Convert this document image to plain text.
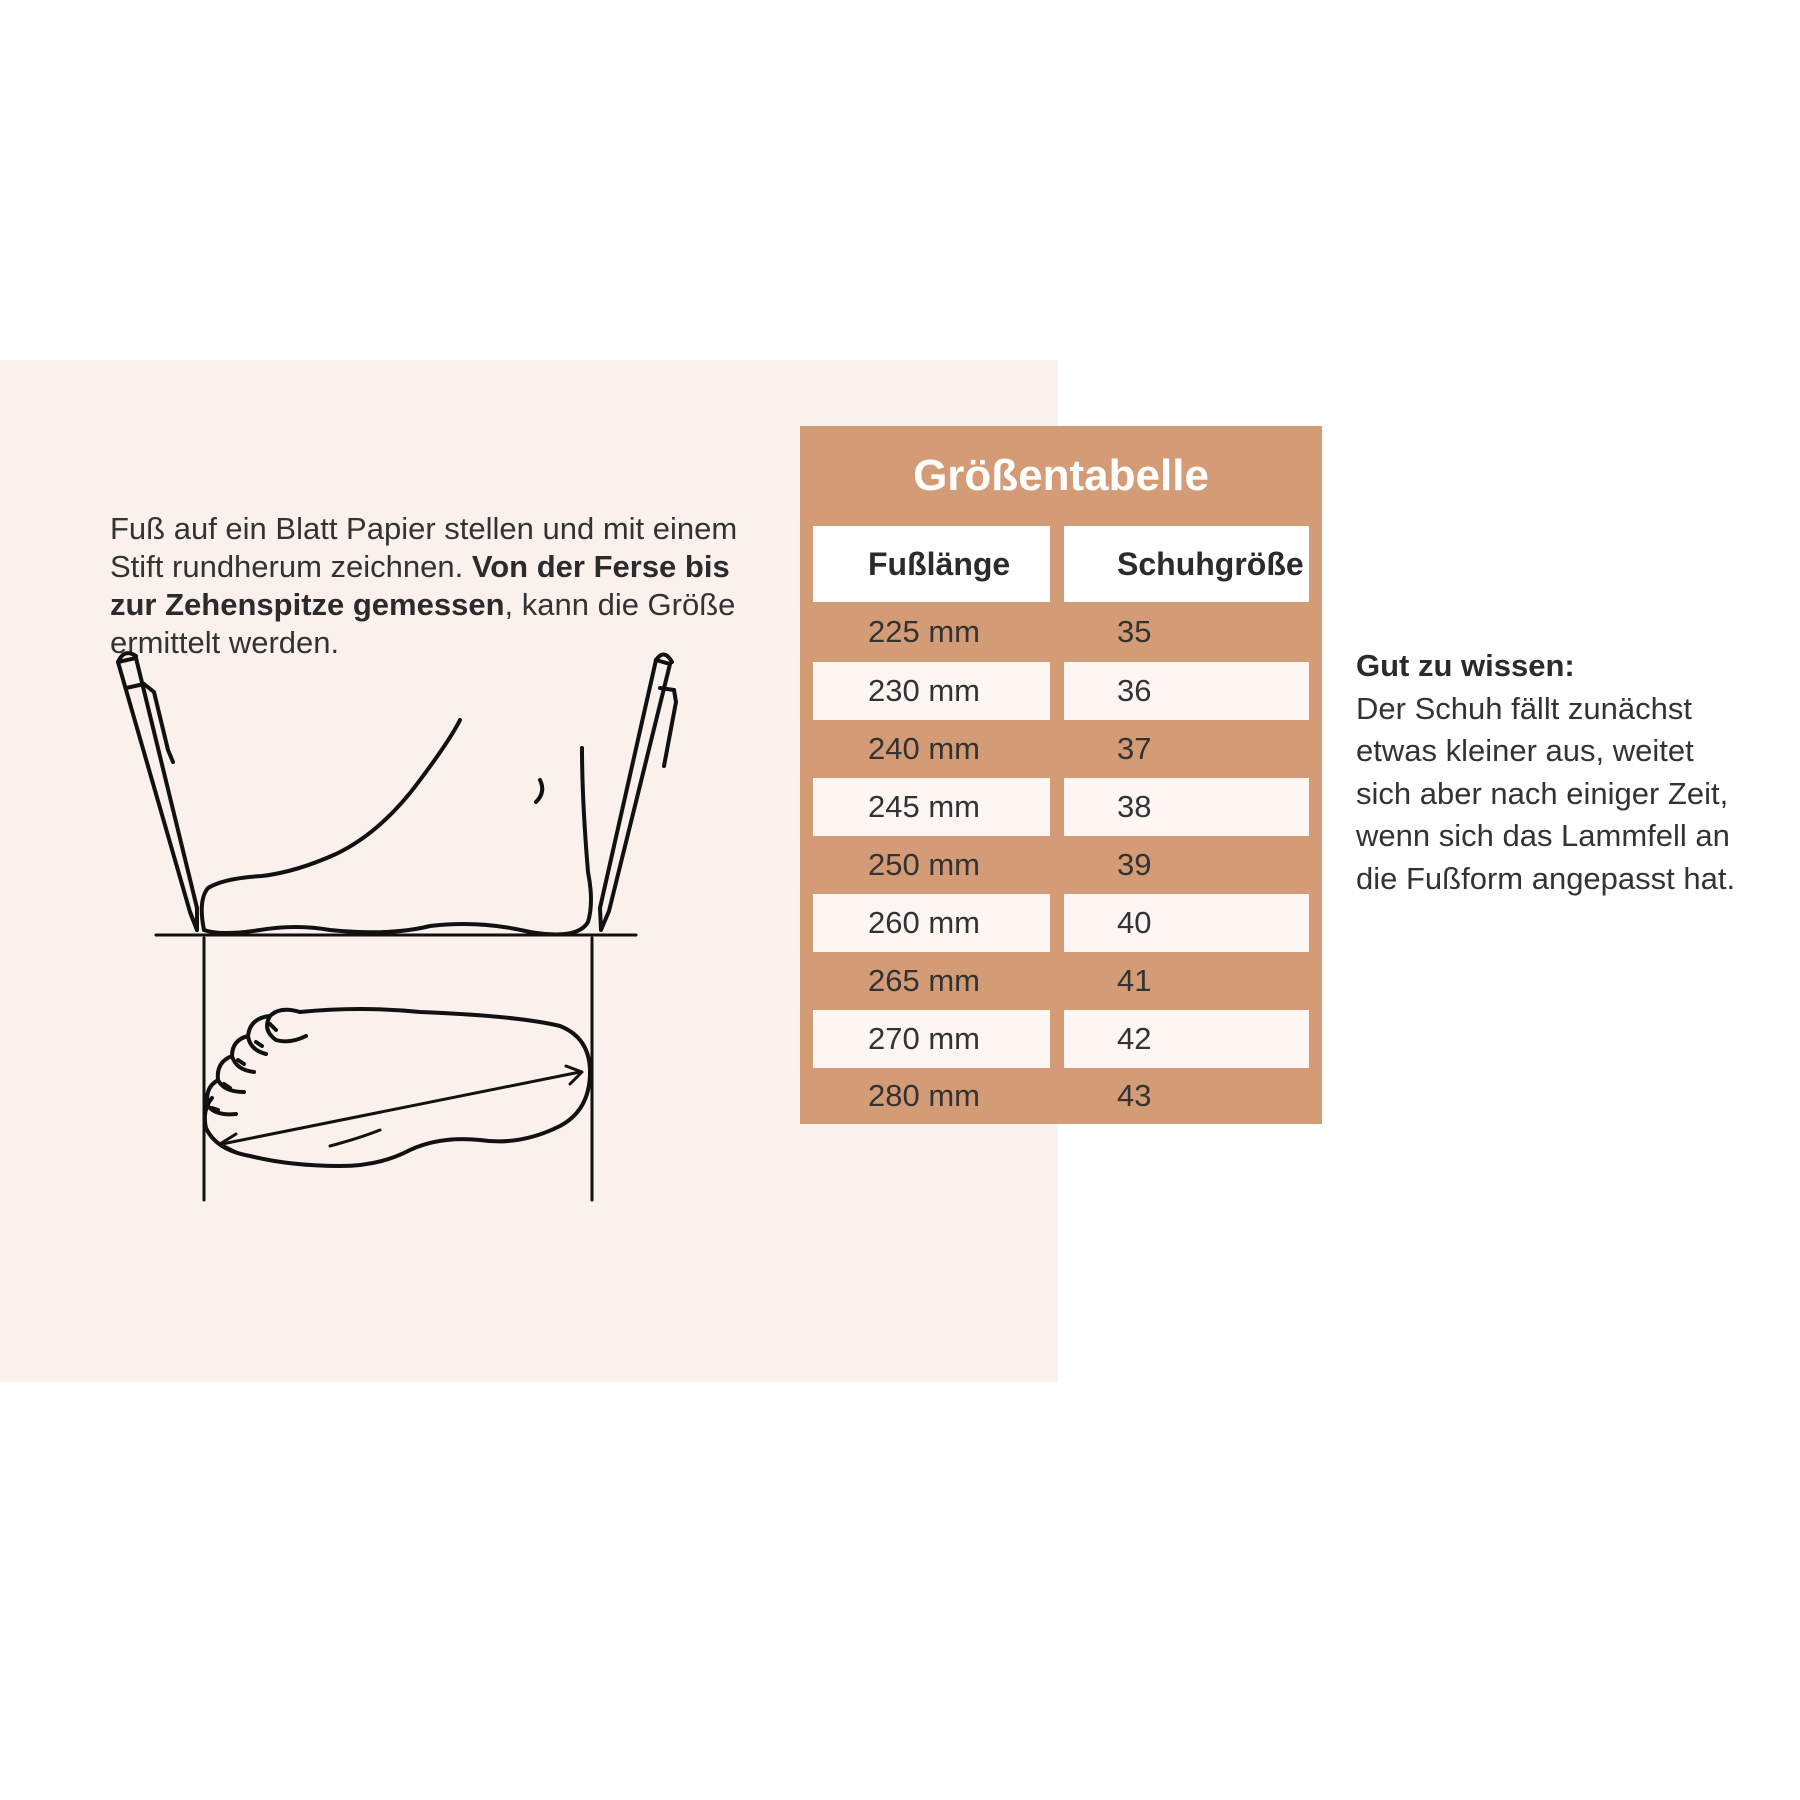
Fuß auf ein Blatt Papier stellen und mit einem Stift rundherum zeichnen. Von der Ferse bis zur Zehenspitze gemessen, kann die Größe ermittelt werden.
Größentabelle
Fußlänge	Schuhgröße
225 mm	35
230 mm	36
240 mm	37
245 mm	38
250 mm	39
260 mm	40
265 mm	41
270 mm	42
280 mm	43
Gut zu wissen:
Der Schuh fällt zunächst etwas kleiner aus, weitet sich aber nach einiger Zeit, wenn sich das Lammfell an die Fußform angepasst hat.
